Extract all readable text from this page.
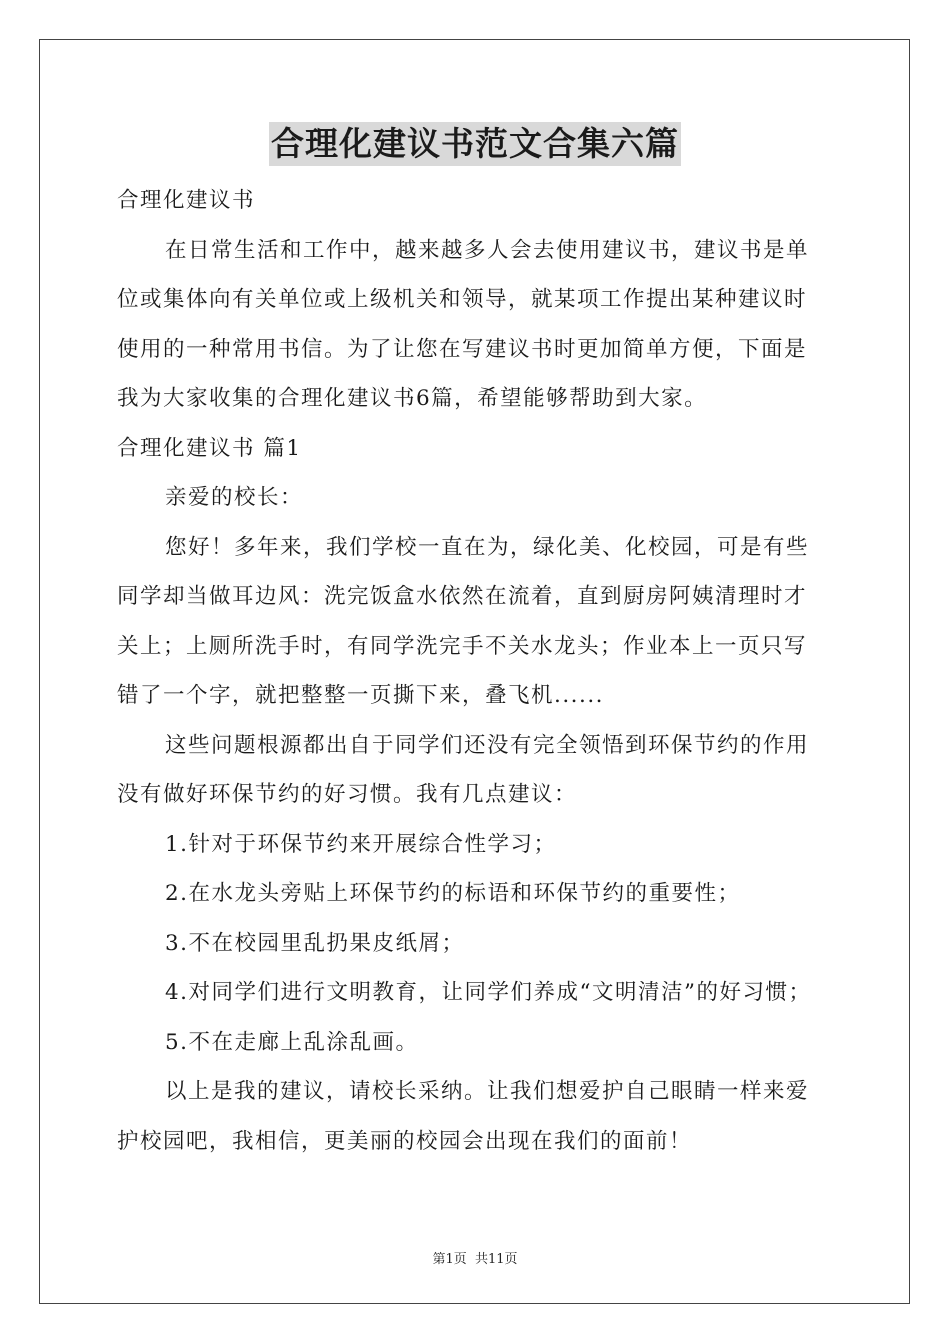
合理化建议书范文合集六篇
合理化建议书
在日常生活和工作中，越来越多人会去使用建议书，建议书是单
位或集体向有关单位或上级机关和领导，就某项工作提出某种建议时
使用的一种常用书信。为了让您在写建议书时更加简单方便，下面是
我为大家收集的合理化建议书6篇，希望能够帮助到大家。
合理化建议书 篇1
亲爱的校长：
您好！多年来，我们学校一直在为，绿化美、化校园，可是有些
同学却当做耳边风：洗完饭盒水依然在流着，直到厨房阿姨清理时才
关上；上厕所洗手时，有同学洗完手不关水龙头；作业本上一页只写
错了一个字，就把整整一页撕下来，叠飞机......
这些问题根源都出自于同学们还没有完全领悟到环保节约的作用
没有做好环保节约的好习惯。我有几点建议：
1.针对于环保节约来开展综合性学习；
2.在水龙头旁贴上环保节约的标语和环保节约的重要性；
3.不在校园里乱扔果皮纸屑；
4.对同学们进行文明教育，让同学们养成“文明清洁”的好习惯；
5.不在走廊上乱涂乱画。
以上是我的建议，请校长采纳。让我们想爱护自己眼睛一样来爱
护校园吧，我相信，更美丽的校园会出现在我们的面前！
第1页 共11页
